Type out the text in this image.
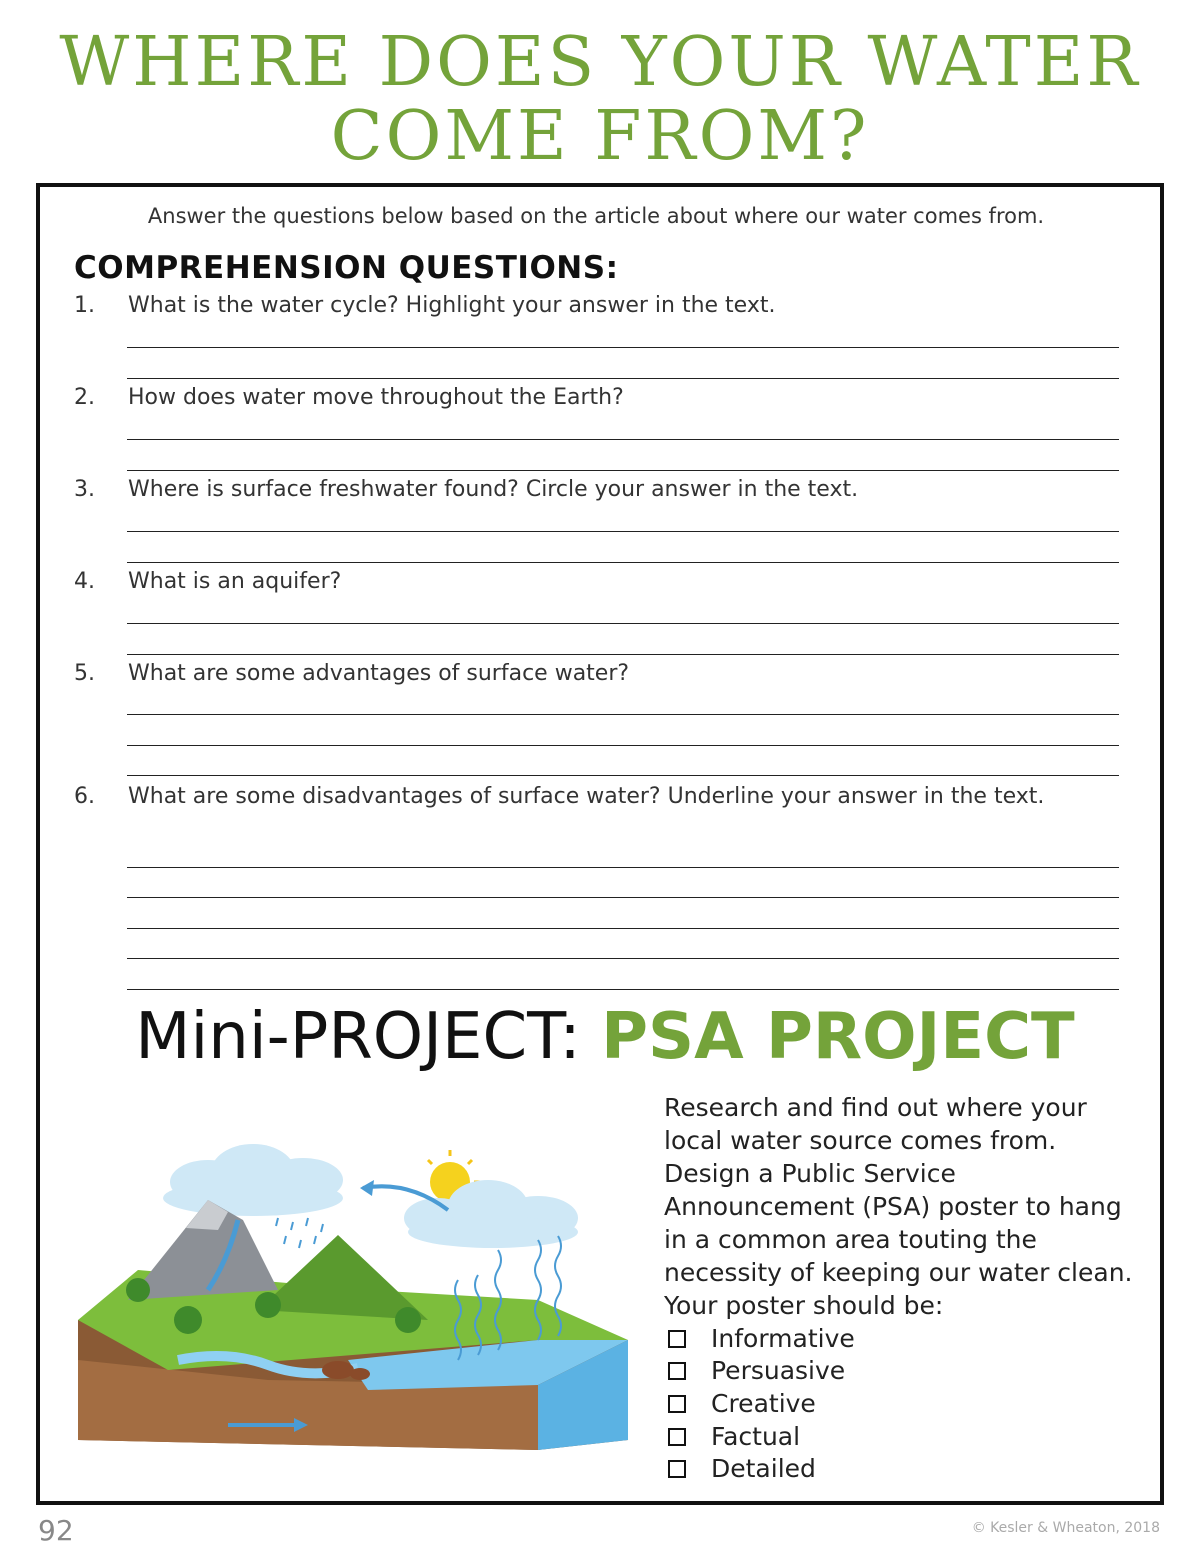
WHERE DOES YOUR WATER
COME FROM?
Answer the questions below based on the article about where our water comes from.
COMPREHENSION QUESTIONS:
1. What is the water cycle? Highlight your answer in the text.
2. How does water move throughout the Earth?
3. Where is surface freshwater found? Circle your answer in the text.
4. What is an aquifer?
5. What are some advantages of surface water?
6. What are some disadvantages of surface water? Underline your answer in the text.
Mini-PROJECT: PSA PROJECT
Research and find out where your local water source comes from. Design a Public Service Announcement (PSA) poster to hang in a common area touting the necessity of keeping our water clean. Your poster should be:
Informative
Persuasive
Creative
Factual
Detailed
92	© Kesler & Wheaton, 2018
